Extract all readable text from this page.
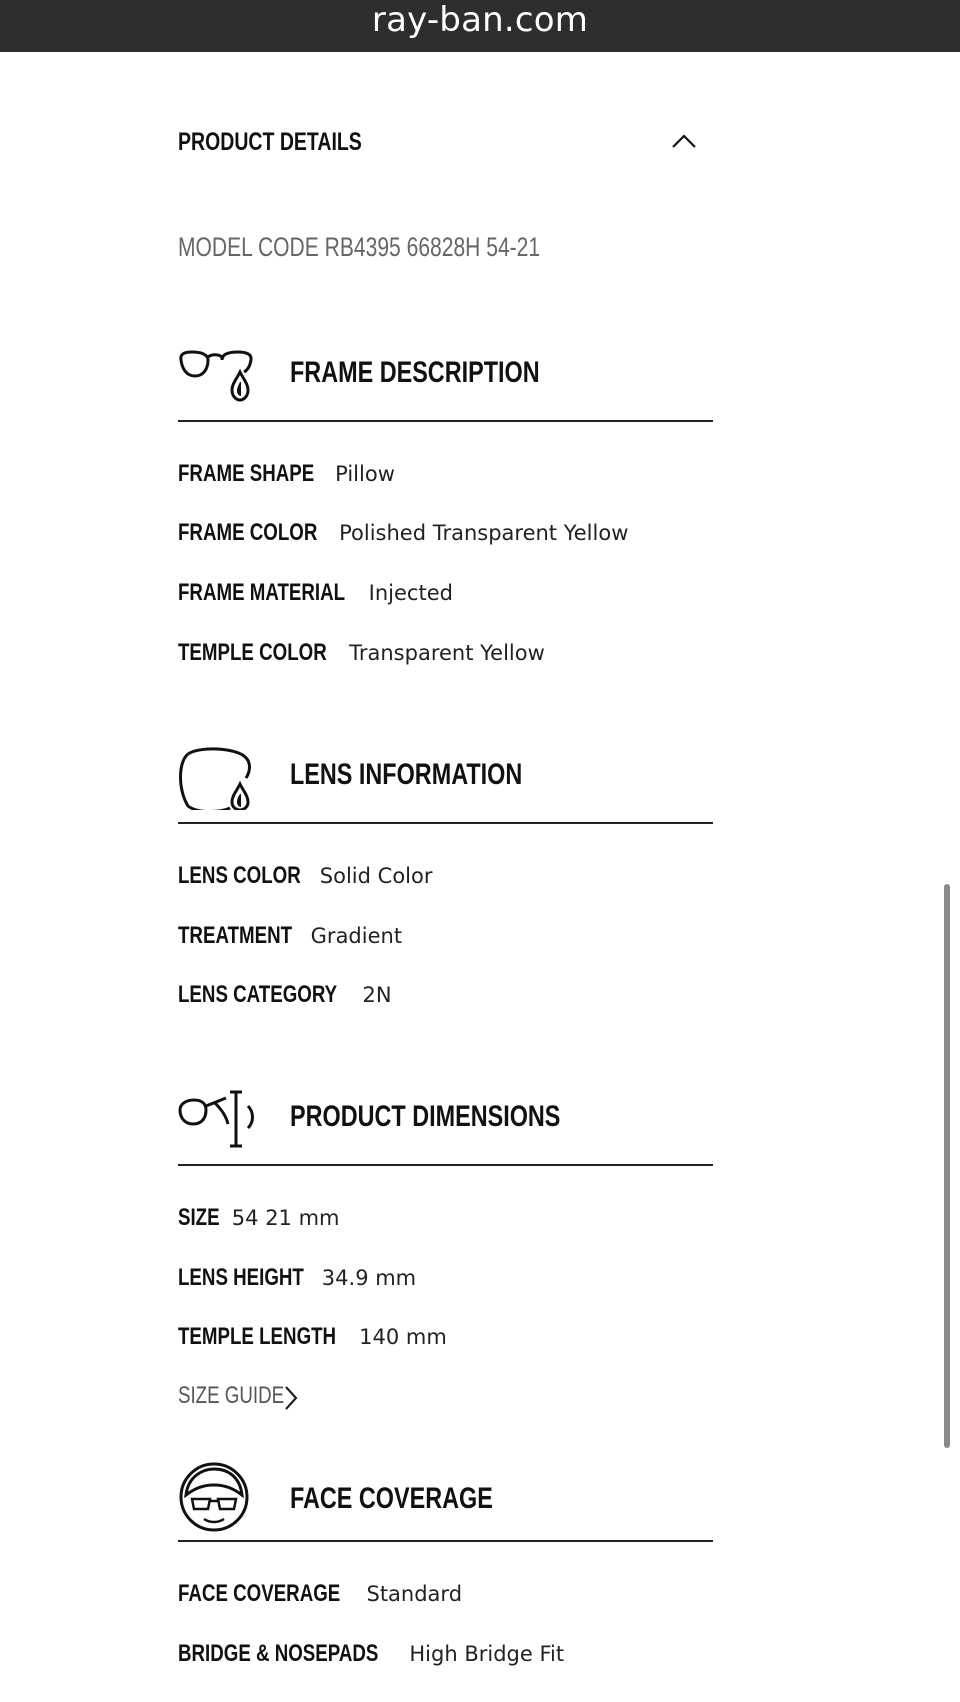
ray-ban.com
PRODUCT DETAILS
MODEL CODE RB4395 66828H 54-21
FRAME DESCRIPTION
FRAME SHAPE Pillow
FRAME COLOR Polished Transparent Yellow
FRAME MATERIAL Injected
TEMPLE COLOR Transparent Yellow
LENS INFORMATION
LENS COLOR Solid Color
TREATMENT Gradient
LENS CATEGORY 2N
PRODUCT DIMENSIONS
SIZE 54 21 mm
LENS HEIGHT 34.9 mm
TEMPLE LENGTH 140 mm
SIZE GUIDE
FACE COVERAGE
FACE COVERAGE Standard
BRIDGE & NOSEPADS High Bridge Fit
